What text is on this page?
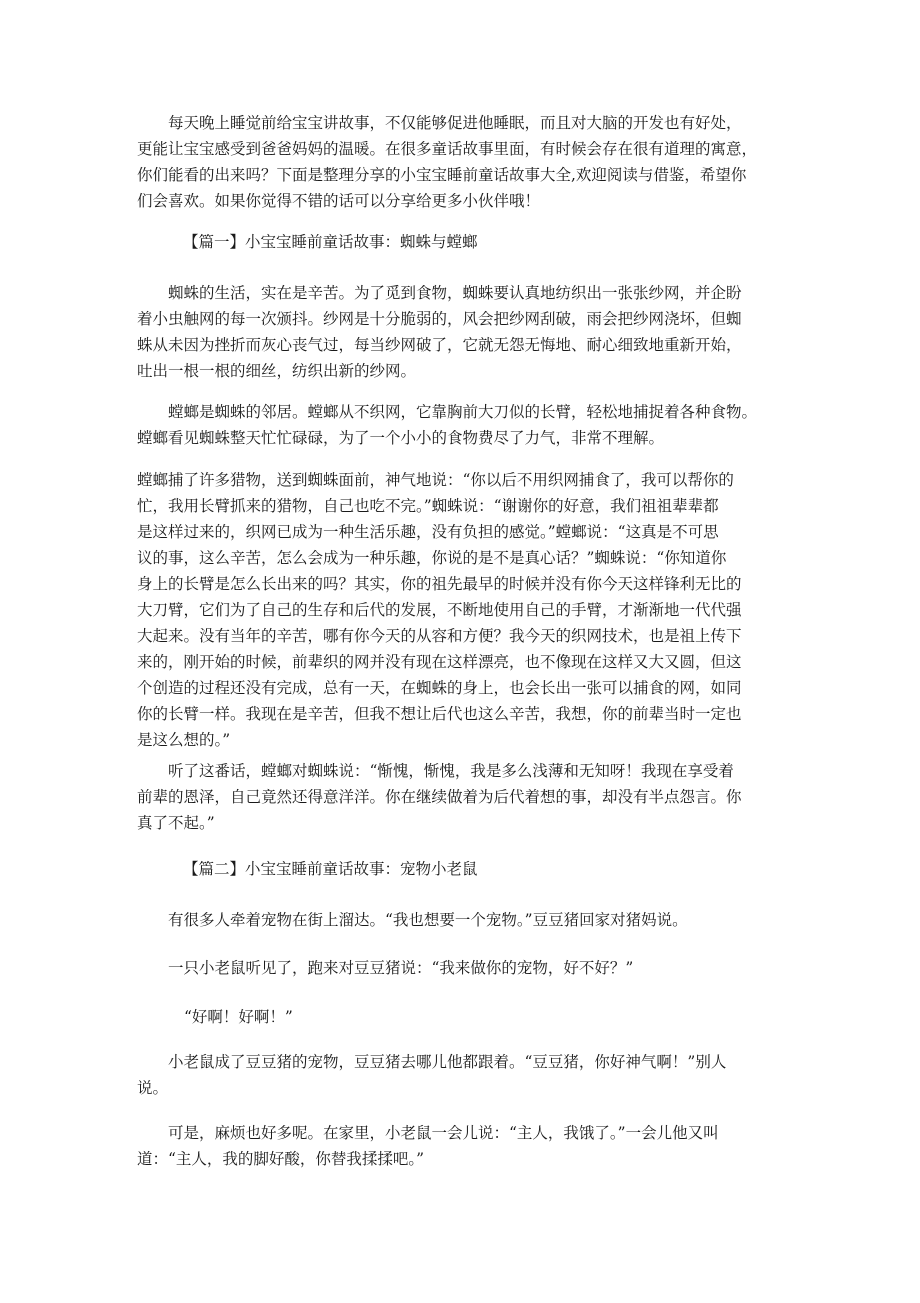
每天晚上睡觉前给宝宝讲故事，不仅能够促进他睡眠，而且对大脑的开发也有好处，
更能让宝宝感受到爸爸妈妈的温暖。在很多童话故事里面，有时候会存在很有道理的寓意，
你们能看的出来吗？下面是整理分享的小宝宝睡前童话故事大全,欢迎阅读与借鉴，希望你
们会喜欢。如果你觉得不错的话可以分享给更多小伙伴哦！
【篇一】小宝宝睡前童话故事：蜘蛛与螳螂
蜘蛛的生活，实在是辛苦。为了觅到食物，蜘蛛要认真地纺织出一张张纱网，并企盼
着小虫触网的每一次颁抖。纱网是十分脆弱的，风会把纱网刮破，雨会把纱网浇坏，但蜘
蛛从未因为挫折而灰心丧气过，每当纱网破了，它就无怨无悔地、耐心细致地重新开始，
吐出一根一根的细丝，纺织出新的纱网。
螳螂是蜘蛛的邻居。螳螂从不织网，它靠胸前大刀似的长臂，轻松地捕捉着各种食物。
螳螂看见蜘蛛整天忙忙碌碌，为了一个小小的食物费尽了力气，非常不理解。
螳螂捕了许多猎物，送到蜘蛛面前，神气地说：“你以后不用织网捕食了，我可以帮你的
忙，我用长臂抓来的猎物，自己也吃不完。”蜘蛛说：“谢谢你的好意，我们祖祖辈辈都
是这样过来的，织网已成为一种生活乐趣，没有负担的感觉。”螳螂说：“这真是不可思
议的事，这么辛苦，怎么会成为一种乐趣，你说的是不是真心话？”蜘蛛说：“你知道你
身上的长臂是怎么长出来的吗？其实，你的祖先最早的时候并没有你今天这样锋利无比的
大刀臂，它们为了自己的生存和后代的发展，不断地使用自己的手臂，才渐渐地一代代强
大起来。没有当年的辛苦，哪有你今天的从容和方便？我今天的织网技术，也是祖上传下
来的，刚开始的时候，前辈织的网并没有现在这样漂亮，也不像现在这样又大又圆，但这
个创造的过程还没有完成，总有一天，在蜘蛛的身上，也会长出一张可以捕食的网，如同
你的长臂一样。我现在是辛苦，但我不想让后代也这么辛苦，我想，你的前辈当时一定也
是这么想的。”
听了这番话，螳螂对蜘蛛说：“惭愧，惭愧，我是多么浅薄和无知呀！我现在享受着
前辈的恩泽，自己竟然还得意洋洋。你在继续做着为后代着想的事，却没有半点怨言。你
真了不起。”
【篇二】小宝宝睡前童话故事：宠物小老鼠
有很多人牵着宠物在街上溜达。“我也想要一个宠物。”豆豆猪回家对猪妈说。
一只小老鼠听见了，跑来对豆豆猪说：“我来做你的宠物，好不好？”
“好啊！好啊！”
小老鼠成了豆豆猪的宠物，豆豆猪去哪儿他都跟着。“豆豆猪，你好神气啊！”别人
说。
可是，麻烦也好多呢。在家里，小老鼠一会儿说：“主人，我饿了。”一会儿他又叫
道：“主人，我的脚好酸，你替我揉揉吧。”
